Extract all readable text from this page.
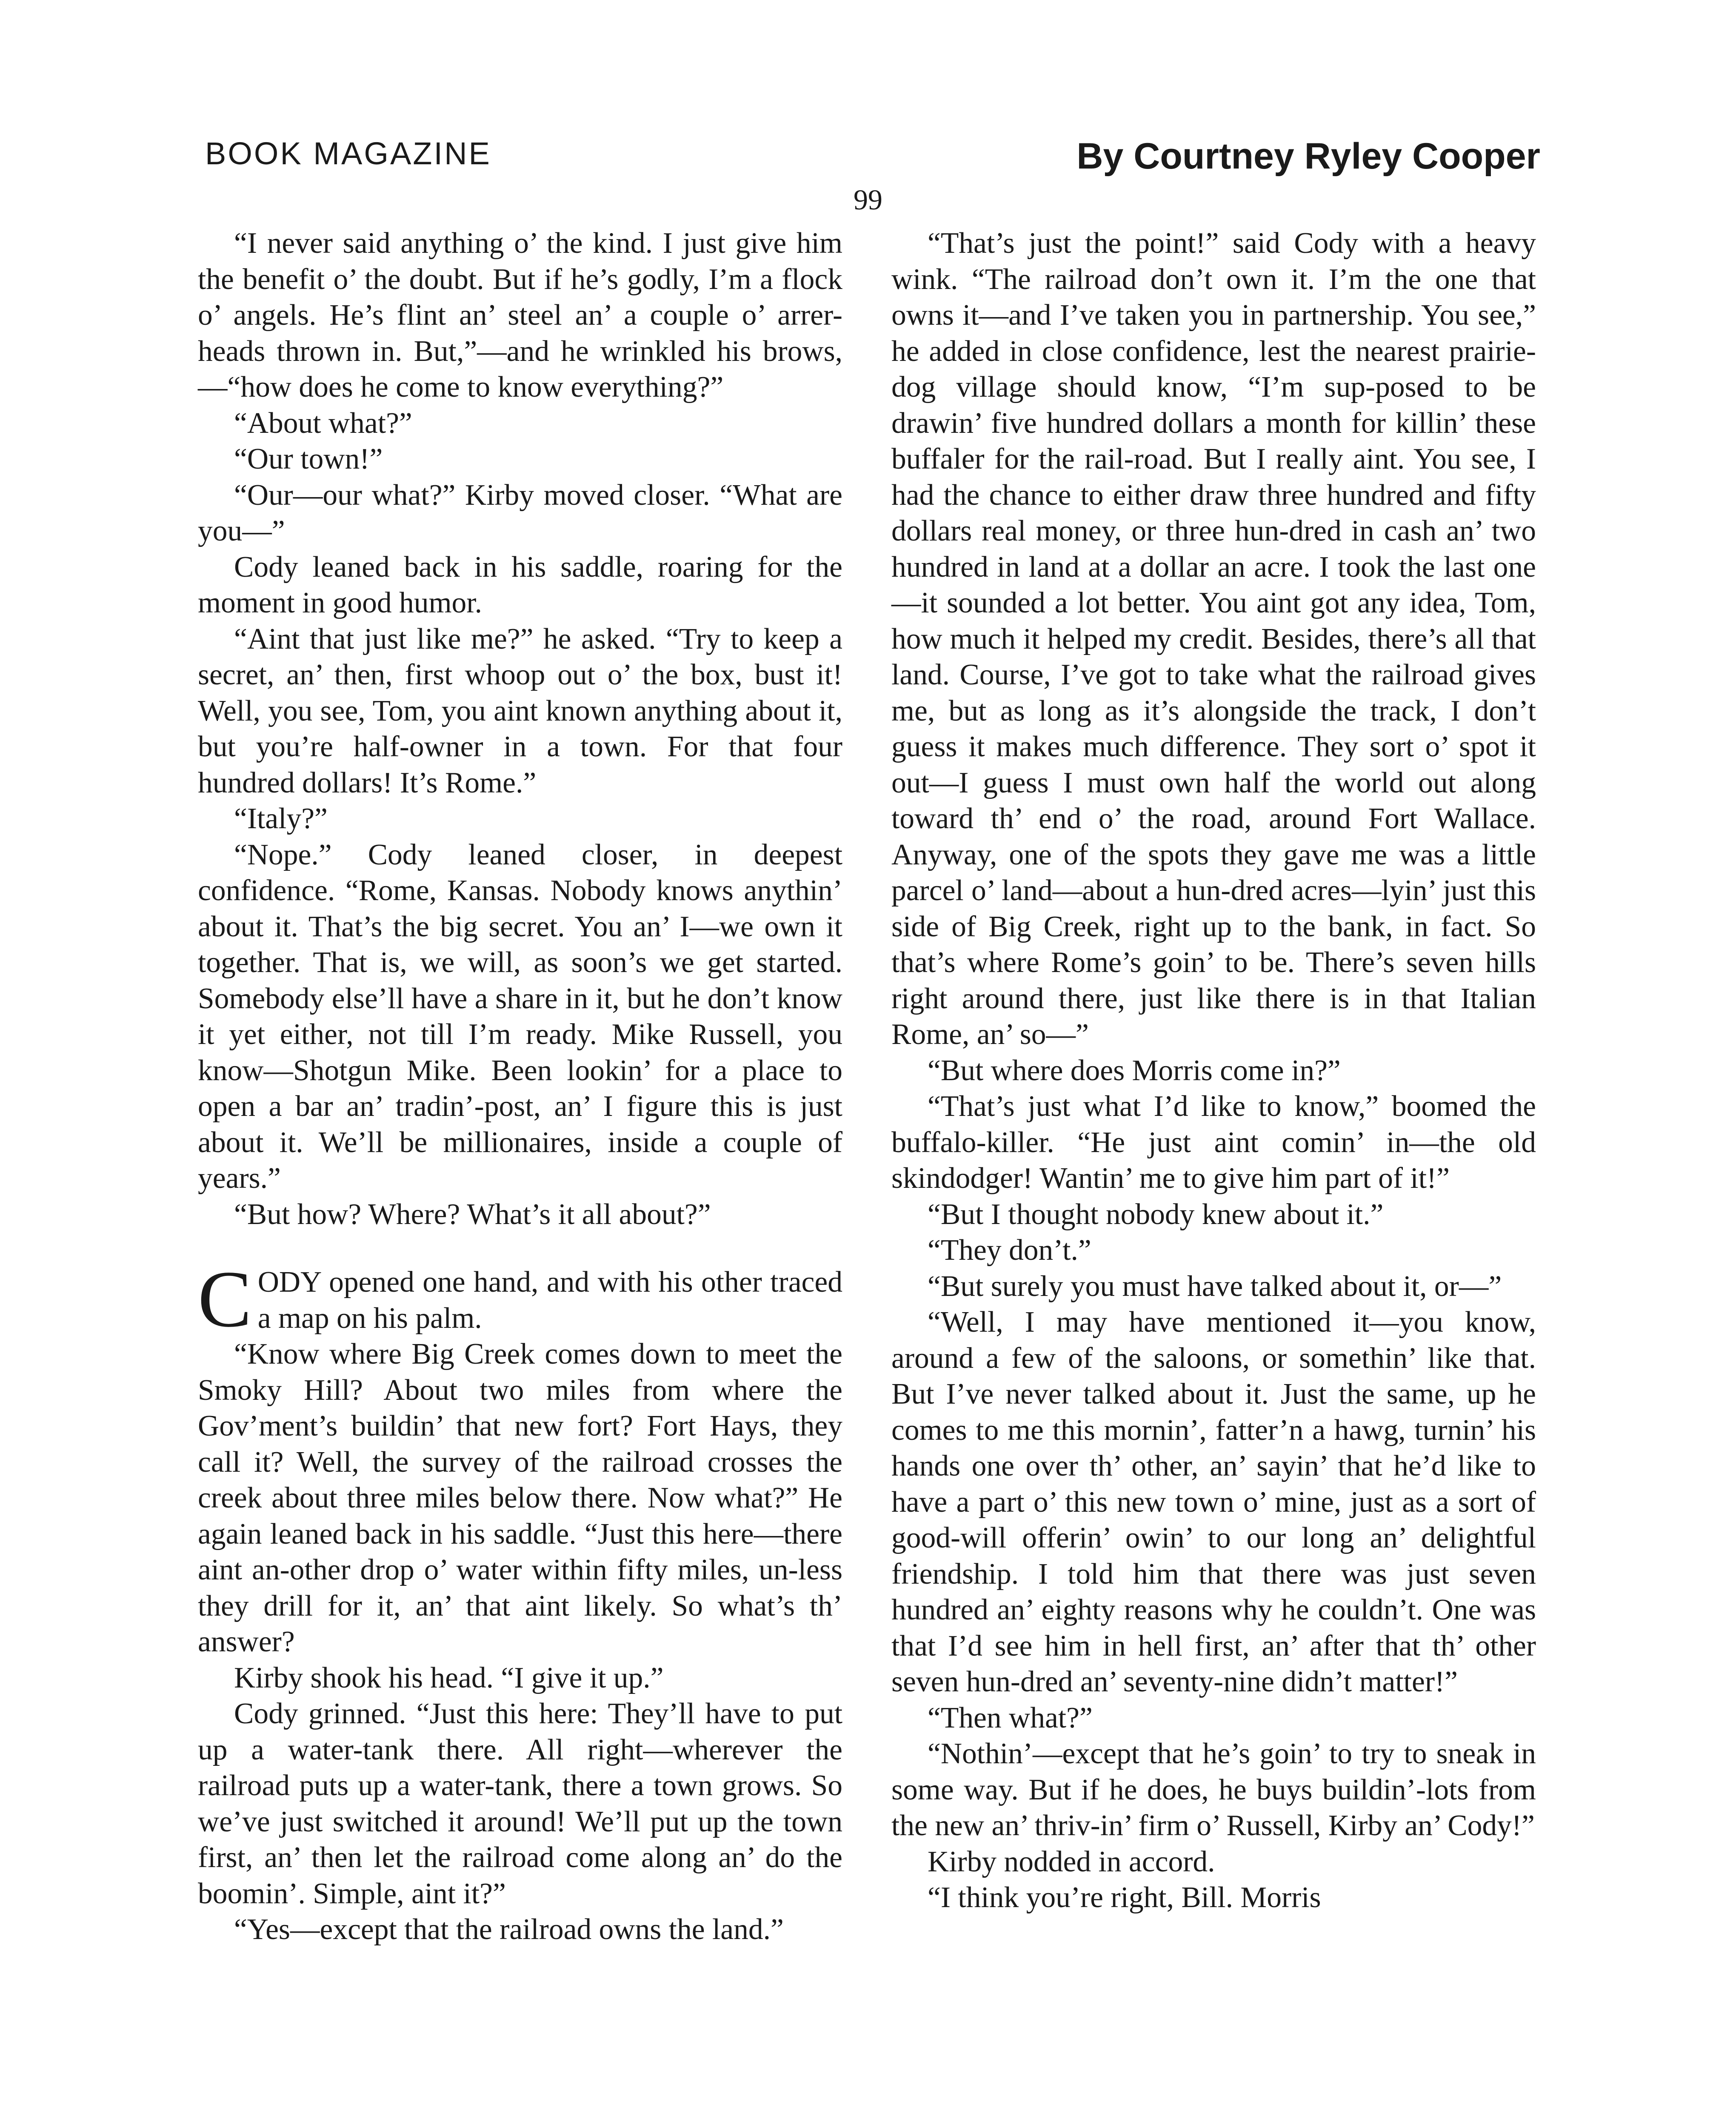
BOOK MAGAZINE	By Courtney Ryley Cooper
99

“I never said anything o’ the kind. I just give him the benefit o’ the doubt. But if he’s godly, I’m a flock o’ angels. He’s flint an’ steel an’ a couple o’ arrer-heads thrown in. But,”—and he wrinkled his brows,—“how does he come to know everything?”

“About what?”

“Our town!”

“Our—our what?” Kirby moved closer. “What are you—”

Cody leaned back in his saddle, roaring for the moment in good humor.

“Aint that just like me?” he asked. “Try to keep a secret, an’ then, first whoop out o’ the box, bust it! Well, you see, Tom, you aint known anything about it, but you’re half-owner in a town. For that four hundred dollars! It’s Rome.”

“Italy?”

“Nope.” Cody leaned closer, in deepest confidence. “Rome, Kansas. Nobody knows anythin’ about it. That’s the big secret. You an’ I—we own it together. That is, we will, as soon’s we get started. Somebody else’ll have a share in it, but he don’t know it yet either, not till I’m ready. Mike Russell, you know—Shotgun Mike. Been lookin’ for a place to open a bar an’ tradin’-post, an’ I figure this is just about it. We’ll be millionaires, inside a couple of years.”

“But how? Where? What’s it all about?”

CODY opened one hand, and with his other traced a map on his palm.

“Know where Big Creek comes down to meet the Smoky Hill? About two miles from where the Gov’ment’s buildin’ that new fort? Fort Hays, they call it? Well, the survey of the railroad crosses the creek about three miles below there. Now what?” He again leaned back in his saddle. “Just this here—there aint an-other drop o’ water within fifty miles, un-less they drill for it, an’ that aint likely. So what’s th’ answer?

Kirby shook his head. “I give it up.”

Cody grinned. “Just this here: They’ll have to put up a water-tank there. All right—wherever the railroad puts up a water-tank, there a town grows. So we’ve just switched it around! We’ll put up the town first, an’ then let the railroad come along an’ do the boomin’. Simple, aint it?”

“Yes—except that the railroad owns the land.”

“That’s just the point!” said Cody with a heavy wink. “The railroad don’t own it. I’m the one that owns it—and I’ve taken you in partnership. You see,” he added in close confidence, lest the nearest prairie-dog village should know, “I’m sup-posed to be drawin’ five hundred dollars a month for killin’ these buffaler for the rail-road. But I really aint. You see, I had the chance to either draw three hundred and fifty dollars real money, or three hun-dred in cash an’ two hundred in land at a dollar an acre. I took the last one—it sounded a lot better. You aint got any idea, Tom, how much it helped my credit. Besides, there’s all that land. Course, I’ve got to take what the railroad gives me, but as long as it’s alongside the track, I don’t guess it makes much difference. They sort o’ spot it out—I guess I must own half the world out along toward th’ end o’ the road, around Fort Wallace. Anyway, one of the spots they gave me was a little parcel o’ land—about a hun-dred acres—lyin’ just this side of Big Creek, right up to the bank, in fact. So that’s where Rome’s goin’ to be. There’s seven hills right around there, just like there is in that Italian Rome, an’ so—”

“But where does Morris come in?”

“That’s just what I’d like to know,” boomed the buffalo-killer. “He just aint comin’ in—the old skindodger! Wantin’ me to give him part of it!”

“But I thought nobody knew about it.”

“They don’t.”

“But surely you must have talked about it, or—”

“Well, I may have mentioned it—you know, around a few of the saloons, or somethin’ like that. But I’ve never talked about it. Just the same, up he comes to me this mornin’, fatter’n a hawg, turnin’ his hands one over th’ other, an’ sayin’ that he’d like to have a part o’ this new town o’ mine, just as a sort of good-will offerin’ owin’ to our long an’ delightful friendship. I told him that there was just seven hundred an’ eighty reasons why he couldn’t. One was that I’d see him in hell first, an’ after that th’ other seven hun-dred an’ seventy-nine didn’t matter!”

“Then what?”

“Nothin’—except that he’s goin’ to try to sneak in some way. But if he does, he buys buildin’-lots from the new an’ thriv-in’ firm o’ Russell, Kirby an’ Cody!”

Kirby nodded in accord.

“I think you’re right, Bill. Morris
